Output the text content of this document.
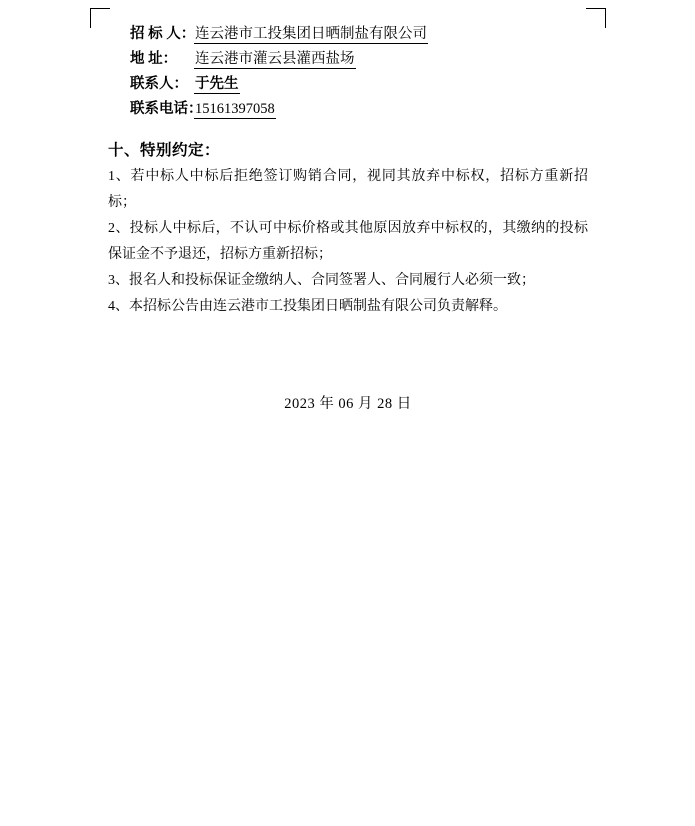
招 标 人：连云港市工投集团日晒制盐有限公司
地 址： 连云港市灌云县灌西盐场
联系人： 于先生
联系电话：15161397058
十、特别约定：

1、若中标人中标后拒绝签订购销合同，视同其放弃中标权，招标方重新招标；

2、投标人中标后，不认可中标价格或其他原因放弃中标权的，其缴纳的投标保证金不予退还，招标方重新招标；

3、报名人和投标保证金缴纳人、合同签署人、合同履行人必须一致；

4、本招标公告由连云港市工投集团日晒制盐有限公司负责解释。

2023 年 06 月 28 日
